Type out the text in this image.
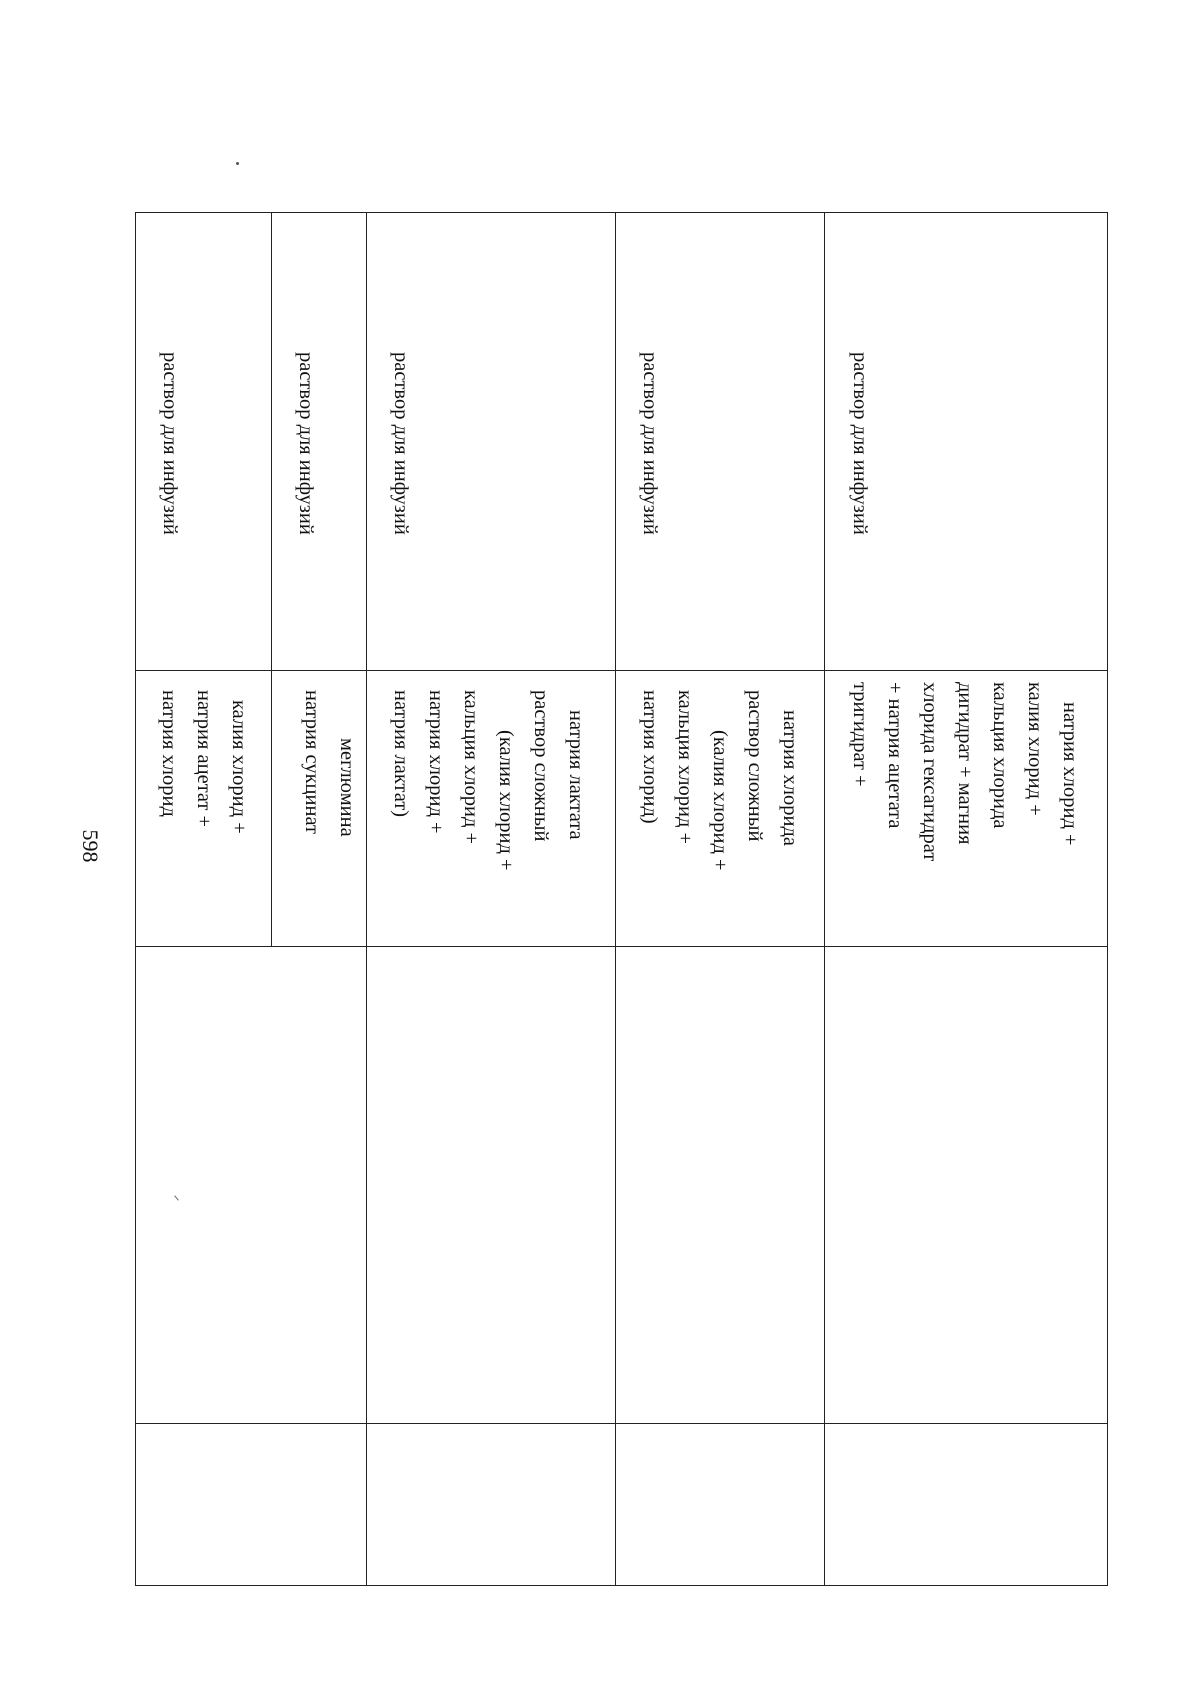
598
раствор для инфузий
калия хлорид +
натрия ацетат +
натрия хлорид
раствор для инфузий
меглюмина
натрия сукцинат
раствор для инфузий
натрия лактата
раствор сложный
(калия хлорид +
кальция хлорид +
натрия хлорид +
натрия лактат)
раствор для инфузий
натрия хлорида
раствор сложный
(калия хлорид +
кальция хлорид +
натрия хлорид)
раствор для инфузий
натрия хлорид +
калия хлорид +
кальция хлорида
дигидрат + магния
хлорида гексагидрат
+ натрия ацетата
тригидрат +
